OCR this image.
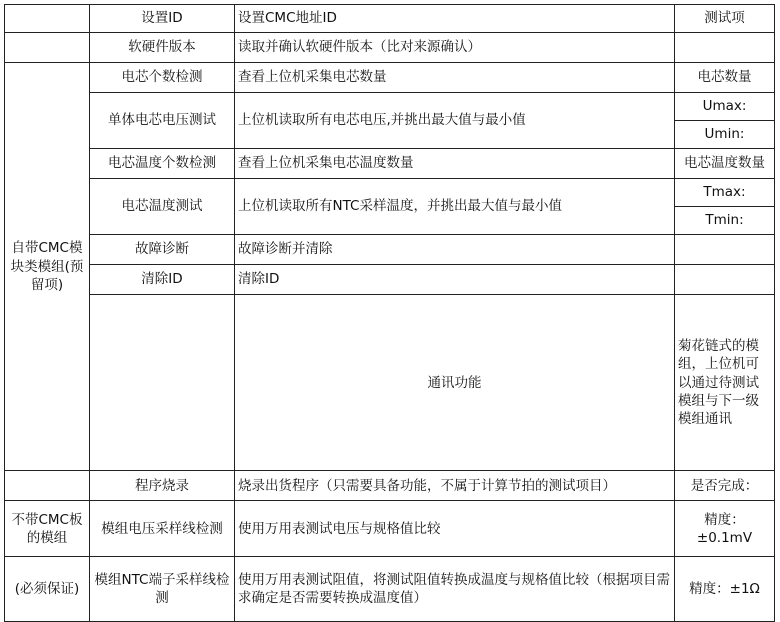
	设置ID	设置CMC地址ID	测试项	
	软硬件版本	读取并确认软硬件版本（比对来源确认）		
自带CMC模块类模组(预留项)	电芯个数检测	查看上位机采集电芯数量	电芯数量	
	单体电芯电压测试	上位机读取所有电芯电压,并挑出最大值与最小值	Umax:	
			Umin:	
	电芯温度个数检测	查看上位机采集电芯温度数量	电芯温度数量	
	电芯温度测试	上位机读取所有NTC采样温度，并挑出最大值与最小值	Tmax:	
			Tmin:	
	故障诊断	故障诊断并清除		
	清除ID	清除ID		
		通讯功能	菊花链式的模组，上位机可以通过待测试模组与下一级模组通讯	
	程序烧录	烧录出货程序（只需要具备功能，不属于计算节拍的测试项目）	是否完成：	
不带CMC板的模组	模组电压采样线检测	使用万用表测试电压与规格值比较	精度：±0.1mV	
(必须保证)	模组NTC端子采样线检测	使用万用表测试阻值，将测试阻值转换成温度与规格值比较（根据项目需求确定是否需要转换成温度值）	精度：±1Ω	
